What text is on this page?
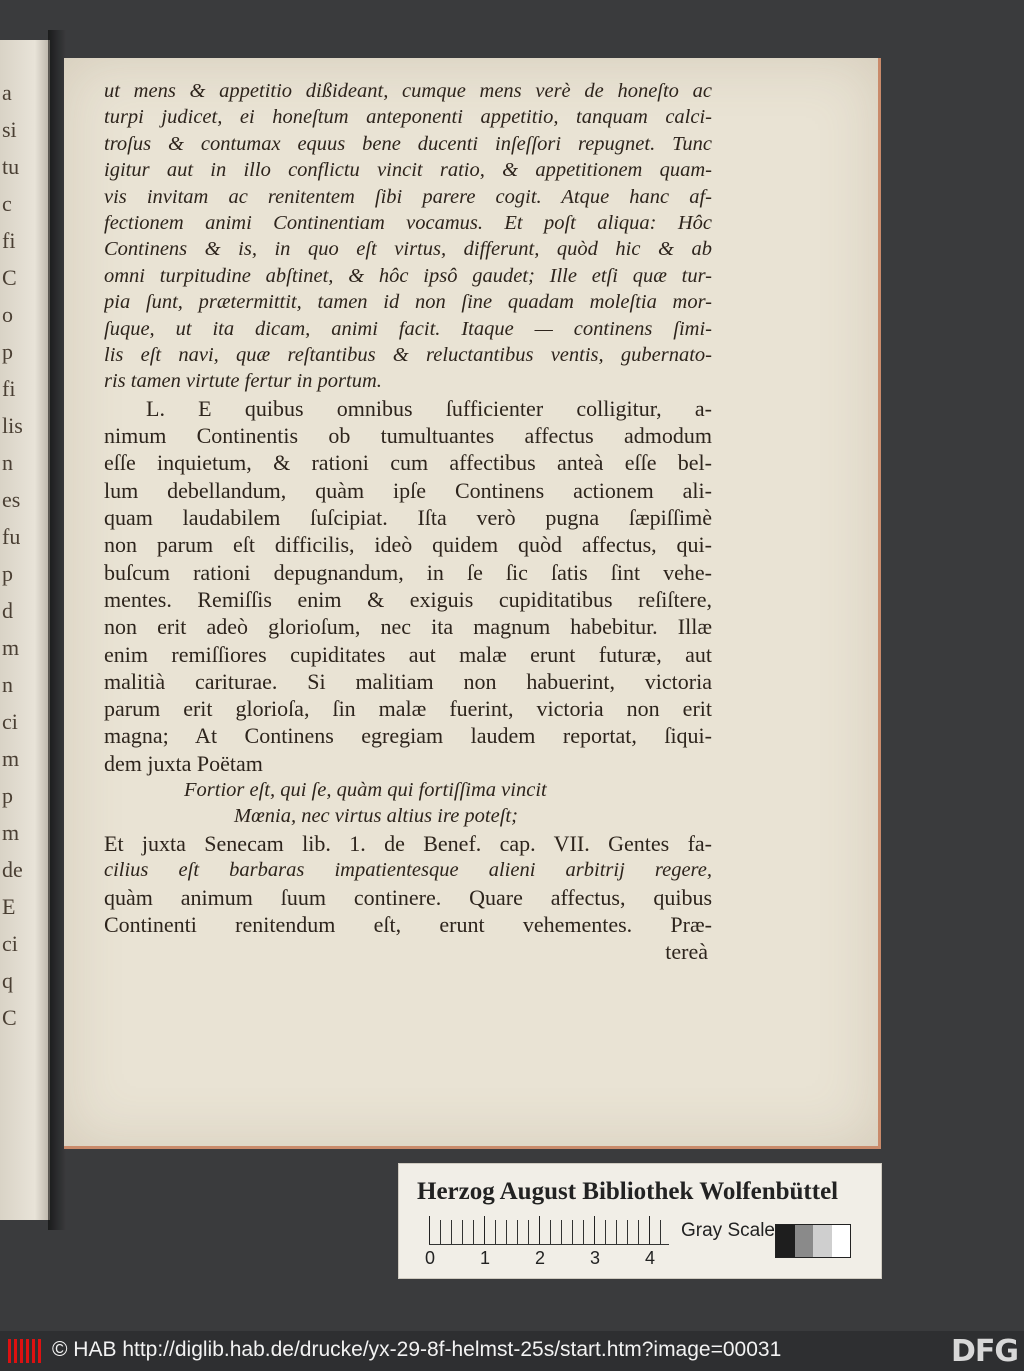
a
si
tu
c
fi
C
o
p
fi
lis
n
es
fu
p
d
m
n
ci
m
p
m
de
E
ci
q
C
ut mens & appetitio dißideant, cumque mens verè de honeſto ac
turpi judicet, ei honeſtum anteponenti appetitio, tanquam calci-
troſus & contumax equus bene ducenti inſeſſori repugnet. Tunc
igitur aut in illo conflictu vincit ratio, & appetitionem quam-
vis invitam ac renitentem ſibi parere cogit. Atque hanc af-
fectionem animi Continentiam vocamus. Et poſt aliqua: Hôc
Continens & is, in quo eſt virtus, differunt, quòd hic & ab
omni turpitudine abſtinet, & hôc ipsô gaudet; Ille etſi quæ tur-
pia ſunt, prætermittit, tamen id non ſine quadam moleſtia mor-
ſuque, ut ita dicam, animi facit. Itaque — continens ſimi-
lis eſt navi, quæ reſtantibus & reluctantibus ventis, gubernato-
ris tamen virtute fertur in portum.
L. E quibus omnibus ſufficienter colligitur, a-
nimum Continentis ob tumultuantes affectus admodum
eſſe inquietum, & rationi cum affectibus anteà eſſe bel-
lum debellandum, quàm ipſe Continens actionem ali-
quam laudabilem ſuſcipiat. Iſta verò pugna ſæpiſſimè
non parum eſt difficilis, ideò quidem quòd affectus, qui-
buſcum rationi depugnandum, in ſe ſic ſatis ſint vehe-
mentes. Remiſſis enim & exiguis cupiditatibus reſiſtere,
non erit adeò glorioſum, nec ita magnum habebitur. Illæ
enim remiſſiores cupiditates aut malæ erunt futuræ, aut
malitià cariturae. Si malitiam non habuerint, victoria
parum erit glorioſa, ſin malæ fuerint, victoria non erit
magna; At Continens egregiam laudem reportat, ſiqui-
dem juxta Poëtam
Fortior eſt, qui ſe, quàm qui fortiſſima vincit
Mœnia, nec virtus altius ire poteſt;
Et juxta Senecam lib. 1. de Benef. cap. VII. Gentes fa-
cilius eſt barbaras impatientesque alieni arbitrij regere,
quàm animum ſuum continere. Quare affectus, quibus
Continenti renitendum eſt, erunt vehementes. Præ-
tereà
Herzog August Bibliothek Wolfenbüttel
0 1 2 3 4
Gray Scale
© HAB http://diglib.hab.de/drucke/yx-29-8f-helmst-25s/start.htm?image=00031	DFG
